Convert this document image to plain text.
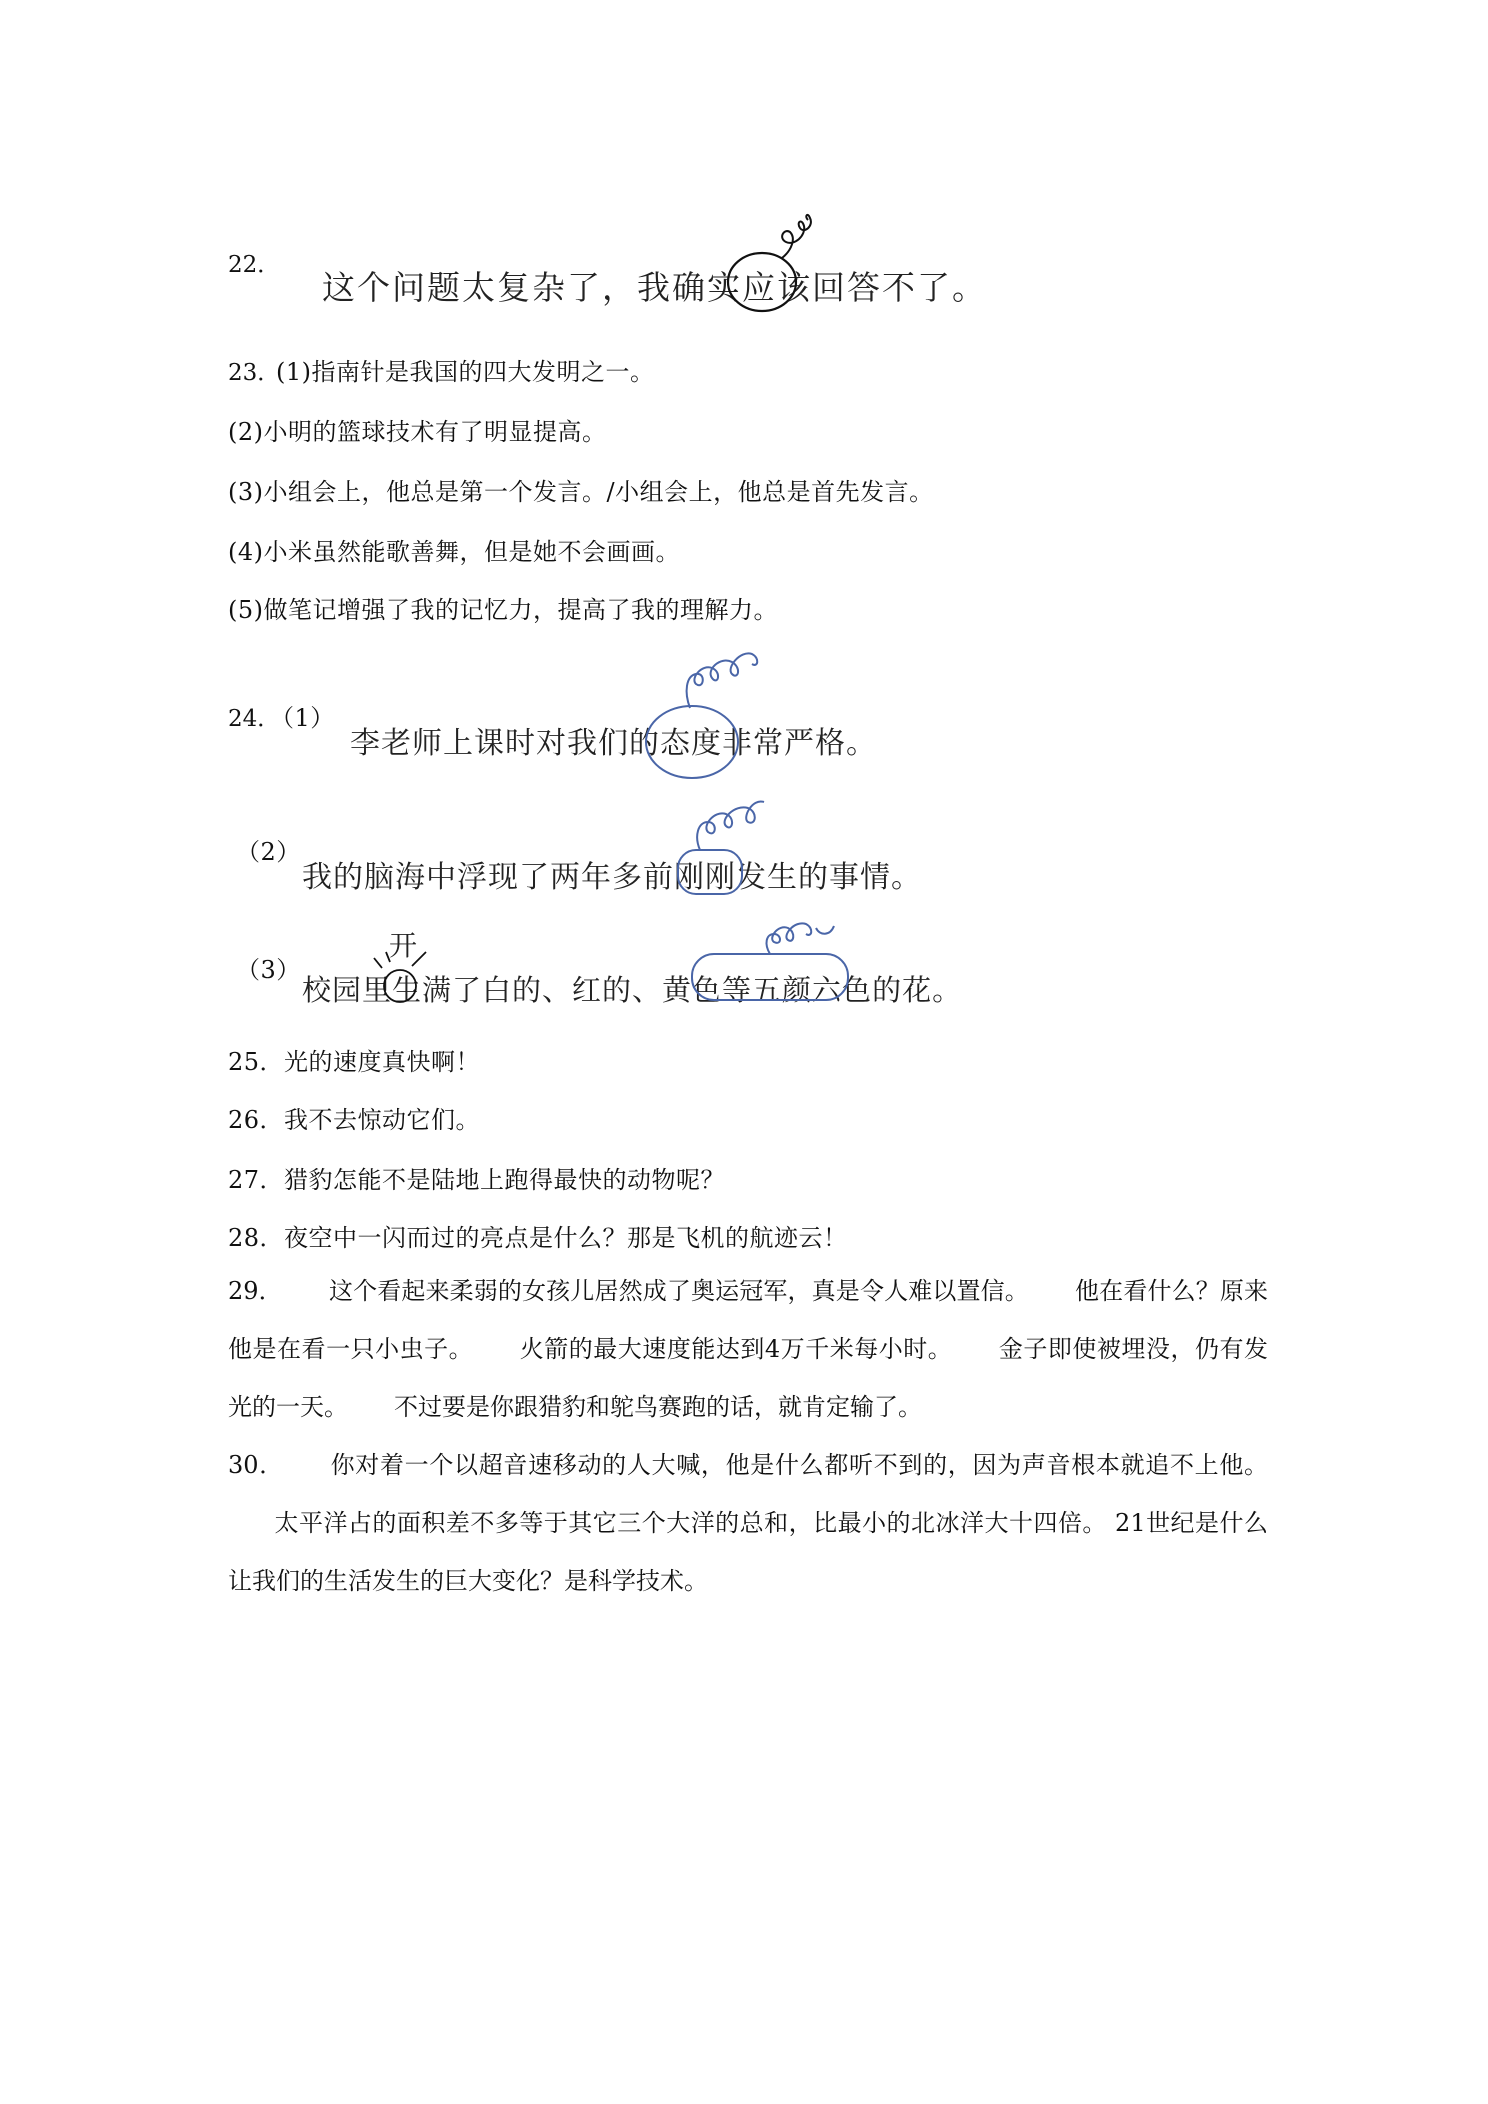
22．
这个问题太复杂了，我确实应该回答不了。
23．
(1)指南针是我国的四大发明之一。
(2)小明的篮球技术有了明显提高。
(3)小组会上，他总是第一个发言。/小组会上，他总是首先发言。
(4)小米虽然能歌善舞，但是她不会画画。
(5)做笔记增强了我的记忆力，提高了我的理解力。
24．
（1）
李老师上课时对我们的态度非常严格。
（2）
我的脑海中浮现了两年多前刚刚发生的事情。
（3）
开
校园里生满了白的、红的、黄色等五颜六色的花。
25．光的速度真快啊！
26．我不去惊动它们。
27．猎豹怎能不是陆地上跑得最快的动物呢？
28．夜空中一闪而过的亮点是什么？那是飞机的航迹云！
29． 这个看起来柔弱的女孩儿居然成了奥运冠军，真是令人难以置信。 他在看什么？原来他是在看一只小虫子。 火箭的最大速度能达到4万千米每小时。 金子即使被埋没，仍有发光的一天。 不过要是你跟猎豹和鸵鸟赛跑的话，就肯定输了。
30． 你对着一个以超音速移动的人大喊，他是什么都听不到的，因为声音根本就追不上他。太平洋占的面积差不多等于其它三个大洋的总和，比最小的北冰洋大十四倍。 21世纪是什么让我们的生活发生的巨大变化？是科学技术。
